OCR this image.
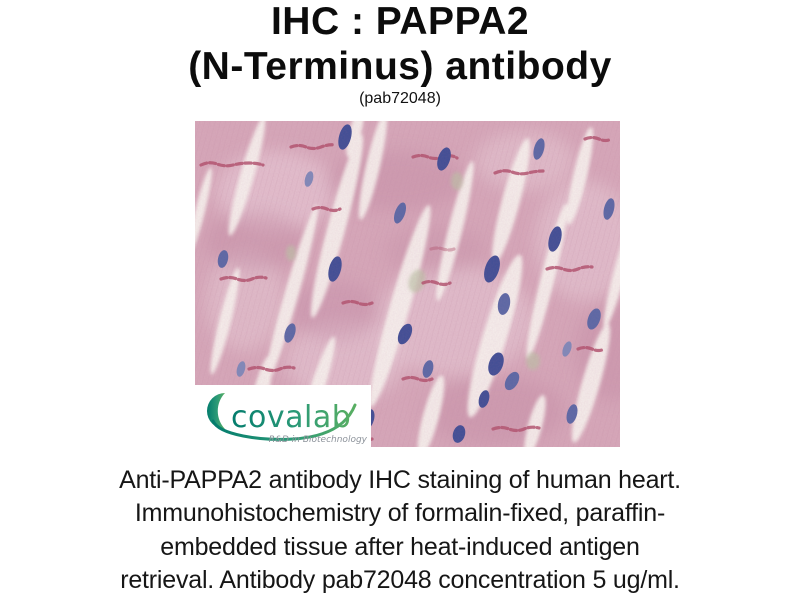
IHC : PAPPA2
(N-Terminus) antibody
(pab72048)
covalab
R&D in Biotechnology
Anti-PAPPA2 antibody IHC staining of human heart.
Immunohistochemistry of formalin-fixed, paraffin-
embedded tissue after heat-induced antigen
retrieval. Antibody pab72048 concentration 5 ug/ml.
